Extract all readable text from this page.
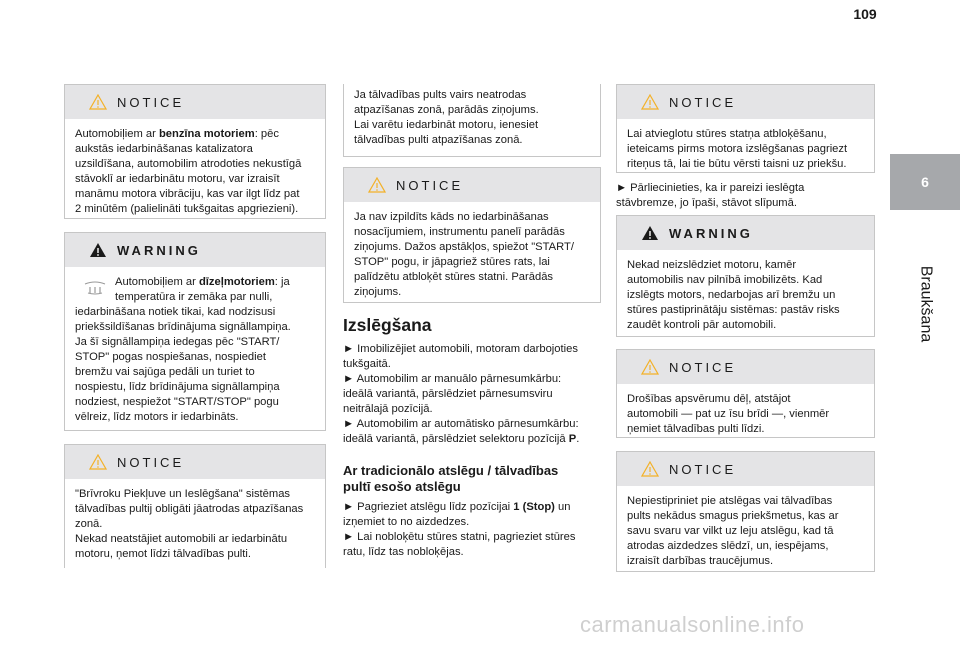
109
6
Braukšana
NOTICE
Automobiļiem ar benzīna motoriem: pēc
aukstās iedarbināšanas katalizatora
uzsildīšana, automobilim atrodoties nekustīgā
stāvoklī ar iedarbinātu motoru, var izraisīt
manāmu motora vibrāciju, kas var ilgt līdz pat
2 minūtēm (palielināti tukšgaitas apgriezieni).
WARNING
Automobiļiem ar dīzeļmotoriem: ja
temperatūra ir zemāka par nulli,
iedarbināšana notiek tikai, kad nodzisusi
priekšsildīšanas brīdinājuma signāllampiņa.
Ja šī signāllampiņa iedegas pēc "START/
STOP" pogas nospiešanas, nospiediet
bremžu vai sajūga pedāli un turiet to
nospiestu, līdz brīdinājuma signāllampiņa
nodziest, nespiežot "START/STOP" pogu
vēlreiz, līdz motors ir iedarbināts.
NOTICE
"Brīvroku Piekļuve un Ieslēgšana" sistēmas
tālvadības pultij obligāti jāatrodas atpazīšanas
zonā.
Nekad neatstājiet automobili ar iedarbinātu
motoru, ņemot līdzi tālvadības pulti.
Ja tālvadības pults vairs neatrodas
atpazīšanas zonā, parādās ziņojums.
Lai varētu iedarbināt motoru, ienesiet
tālvadības pulti atpazīšanas zonā.
NOTICE
Ja nav izpildīts kāds no iedarbināšanas
nosacījumiem, instrumentu panelī parādās
ziņojums. Dažos apstākļos, spiežot "START/
STOP" pogu, ir jāpagriež stūres rats, lai
palīdzētu atbloķēt stūres statni. Parādās
ziņojums.
Izslēgšana
► Imobilizējiet automobili, motoram darbojoties
tukšgaitā.
► Automobilim ar manuālo pārnesumkārbu:
ideālā variantā, pārslēdziet pārnesumsviru
neitrālajā pozīcijā.
► Automobilim ar automātisko pārnesumkārbu:
ideālā variantā, pārslēdziet selektoru pozīcijā P.
Ar tradicionālo atslēgu / tālvadības
pultī esošo atslēgu
► Pagrieziet atslēgu līdz pozīcijai 1 (Stop) un
izņemiet to no aizdedzes.
► Lai nobloķētu stūres statni, pagrieziet stūres
ratu, līdz tas nobloķējas.
NOTICE
Lai atvieglotu stūres statņa atbloķēšanu,
ieteicams pirms motora izslēgšanas pagriezt
riteņus tā, lai tie būtu vērsti taisni uz priekšu.
► Pārliecinieties, ka ir pareizi ieslēgta
stāvbremze, jo īpaši, stāvot slīpumā.
WARNING
Nekad neizslēdziet motoru, kamēr
automobilis nav pilnībā imobilizēts. Kad
izslēgts motors, nedarbojas arī bremžu un
stūres pastiprinātāju sistēmas: pastāv risks
zaudēt kontroli pār automobili.
NOTICE
Drošības apsvērumu dēļ, atstājot
automobili — pat uz īsu brīdi —, vienmēr
ņemiet tālvadības pulti līdzi.
NOTICE
Nepiestipriniet pie atslēgas vai tālvadības
pults nekādus smagus priekšmetus, kas ar
savu svaru var vilkt uz leju atslēgu, kad tā
atrodas aizdedzes slēdzī, un, iespējams,
izraisīt darbības traucējumus.
carmanualsonline.info
